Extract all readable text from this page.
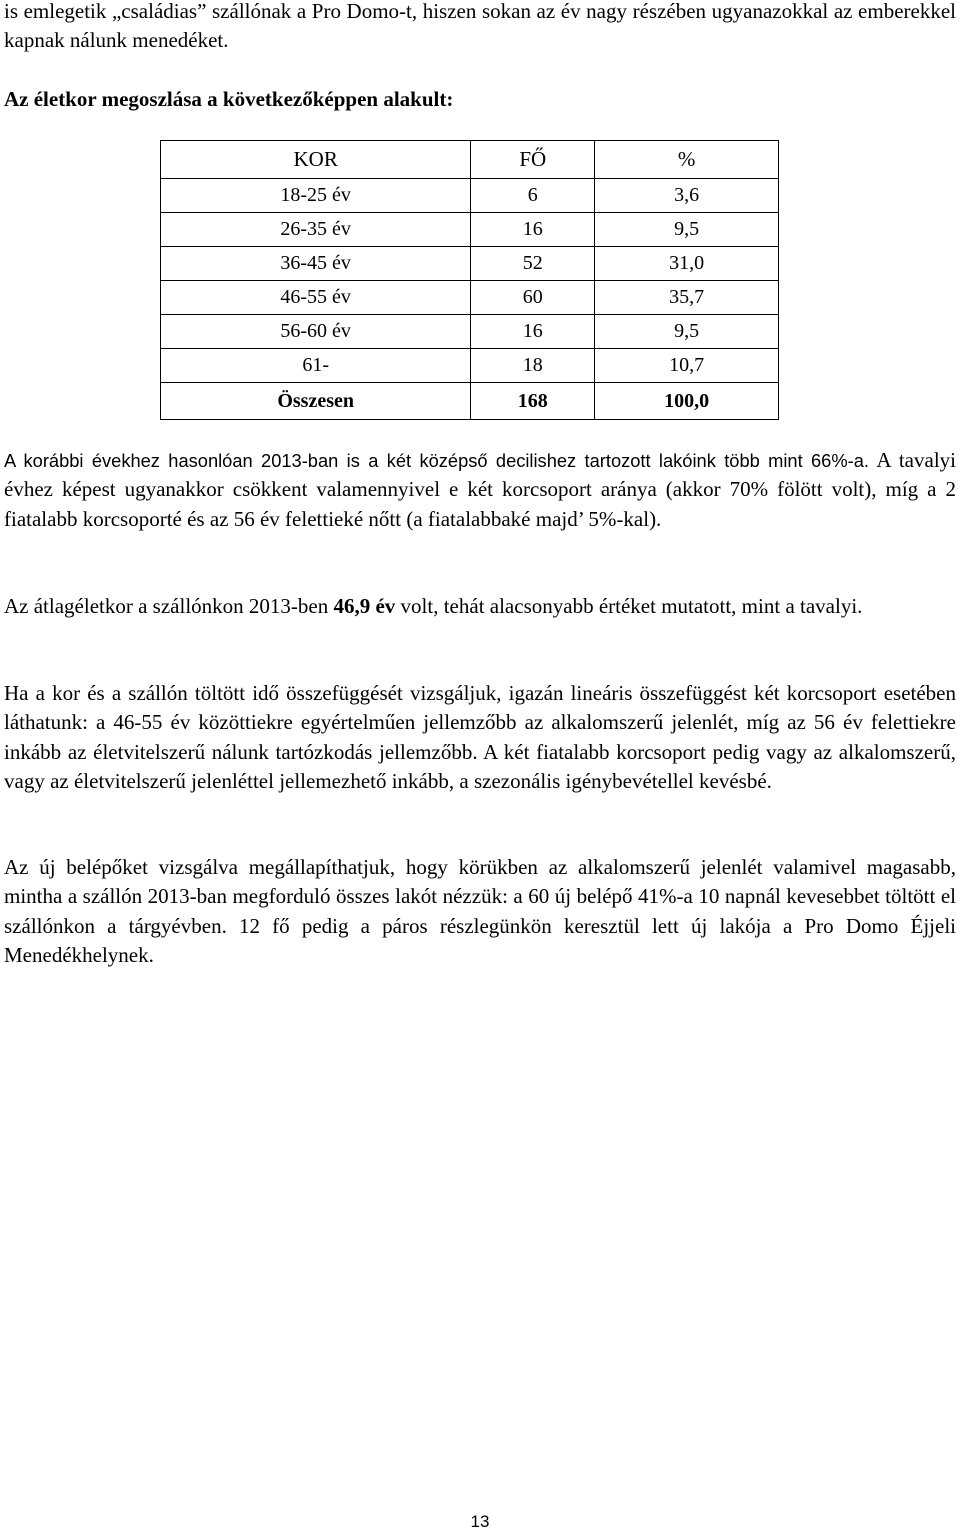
is emlegetik „családias” szállónak a Pro Domo-t, hiszen sokan az év nagy részében ugyanazokkal az emberekkel kapnak nálunk menedéket.

Az életkor megoszlása a következőképpen alakult:

KOR	FŐ	%
18-25 év	6	3,6
26-35 év	16	9,5
36-45 év	52	31,0
46-55 év	60	35,7
56-60 év	16	9,5
61-	18	10,7
Összesen	168	100,0

A korábbi évekhez hasonlóan 2013-ban is a két középső decilishez tartozott lakóink több mint 66%-a. A tavalyi évhez képest ugyanakkor csökkent valamennyivel e két korcsoport aránya (akkor 70% fölött volt), míg a 2 fiatalabb korcsoporté és az 56 év felettieké nőtt (a fiatalabbaké majd’ 5%-kal).

Az átlagéletkor a szállónkon 2013-ben 46,9 év volt, tehát alacsonyabb értéket mutatott, mint a tavalyi.

Ha a kor és a szállón töltött idő összefüggését vizsgáljuk, igazán lineáris összefüggést két korcsoport esetében láthatunk: a 46-55 év közöttiekre egyértelműen jellemzőbb az alkalomszerű jelenlét, míg az 56 év felettiekre inkább az életvitelszerű nálunk tartózkodás jellemzőbb. A két fiatalabb korcsoport pedig vagy az alkalomszerű, vagy az életvitelszerű jelenléttel jellemezhető inkább, a szezonális igénybevétellel kevésbé.

Az új belépőket vizsgálva megállapíthatjuk, hogy körükben az alkalomszerű jelenlét valamivel magasabb, mintha a szállón 2013-ban megforduló összes lakót nézzük: a 60 új belépő 41%-a 10 napnál kevesebbet töltött el szállónkon a tárgyévben. 12 fő pedig a páros részlegünkön keresztül lett új lakója a Pro Domo Éjjeli Menedékhelynek.

13
